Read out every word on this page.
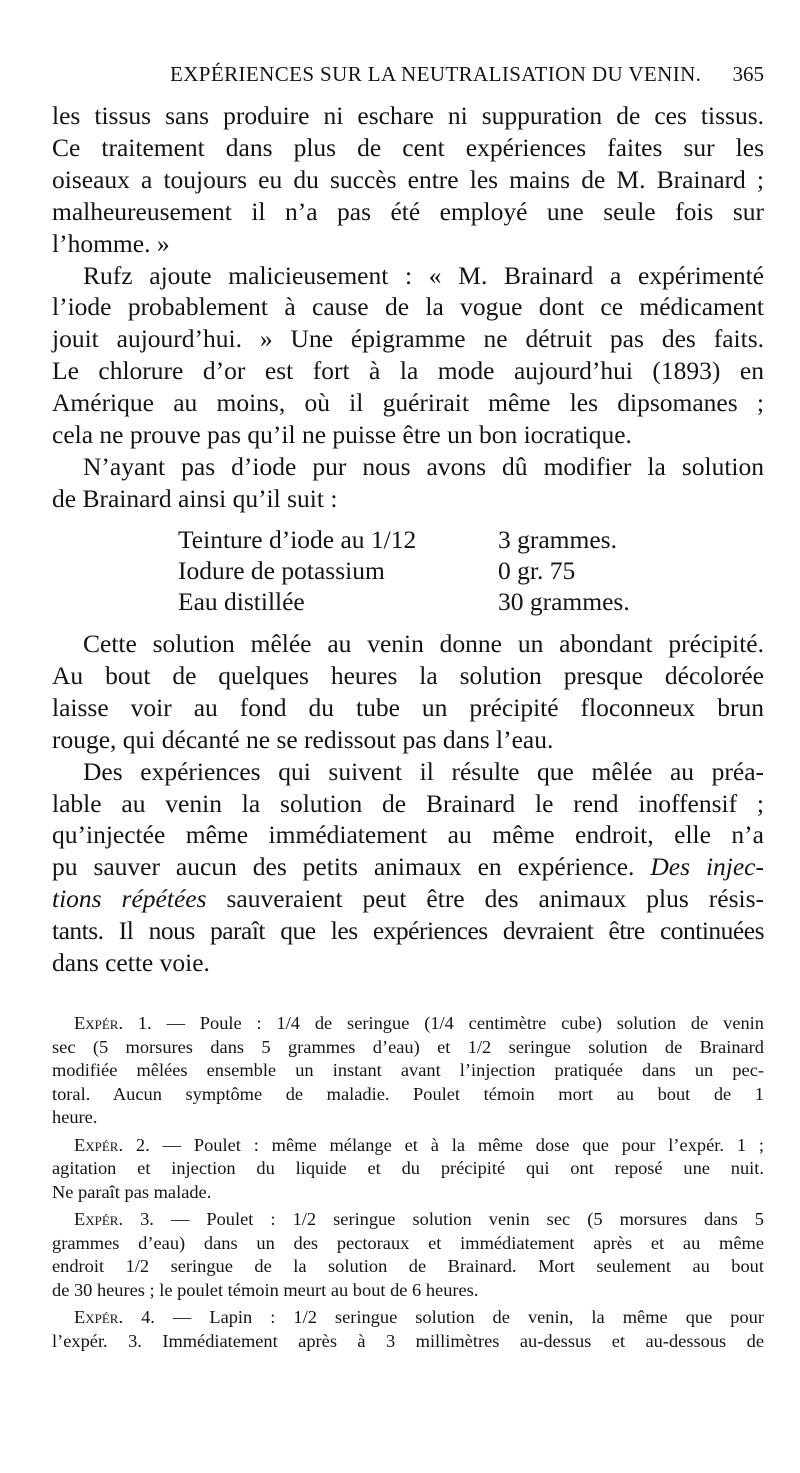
EXPÉRIENCES SUR LA NEUTRALISATION DU VENIN. 365
les tissus sans produire ni eschare ni suppuration de ces tissus.
Ce traitement dans plus de cent expériences faites sur les
oiseaux a toujours eu du succès entre les mains de M. Brainard ;
malheureusement il n’a pas été employé une seule fois sur
l’homme. »
Rufz ajoute malicieusement : « M. Brainard a expérimenté
l’iode probablement à cause de la vogue dont ce médicament
jouit aujourd’hui. » Une épigramme ne détruit pas des faits.
Le chlorure d’or est fort à la mode aujourd’hui (1893) en
Amérique au moins, où il guérirait même les dipsomanes ;
cela ne prouve pas qu’il ne puisse être un bon iocratique.
N’ayant pas d’iode pur nous avons dû modifier la solution
de Brainard ainsi qu’il suit :
Teinture d’iode au 1/12	3 grammes.
Iodure de potassium	0 gr. 75
Eau distillée	30 grammes.
Cette solution mêlée au venin donne un abondant précipité.
Au bout de quelques heures la solution presque décolorée
laisse voir au fond du tube un précipité floconneux brun
rouge, qui décanté ne se redissout pas dans l’eau.
Des expériences qui suivent il résulte que mêlée au préa-
lable au venin la solution de Brainard le rend inoffensif ;
qu’injectée même immédiatement au même endroit, elle n’a
pu sauver aucun des petits animaux en expérience. Des injec-
tions répétées sauveraient peut être des animaux plus résis-
tants. Il nous paraît que les expériences devraient être continuées
dans cette voie.
Expér. 1. — Poule : 1/4 de seringue (1/4 centimètre cube) solution de venin
sec (5 morsures dans 5 grammes d’eau) et 1/2 seringue solution de Brainard
modifiée mêlées ensemble un instant avant l’injection pratiquée dans un pec-
toral. Aucun symptôme de maladie. Poulet témoin mort au bout de 1
heure.
Expér. 2. — Poulet : même mélange et à la même dose que pour l’expér. 1 ;
agitation et injection du liquide et du précipité qui ont reposé une nuit.
Ne paraît pas malade.
Expér. 3. — Poulet : 1/2 seringue solution venin sec (5 morsures dans 5
grammes d’eau) dans un des pectoraux et immédiatement après et au même
endroit 1/2 seringue de la solution de Brainard. Mort seulement au bout
de 30 heures ; le poulet témoin meurt au bout de 6 heures.
Expér. 4. — Lapin : 1/2 seringue solution de venin, la même que pour
l’expér. 3. Immédiatement après à 3 millimètres au-dessus et au-dessous de
